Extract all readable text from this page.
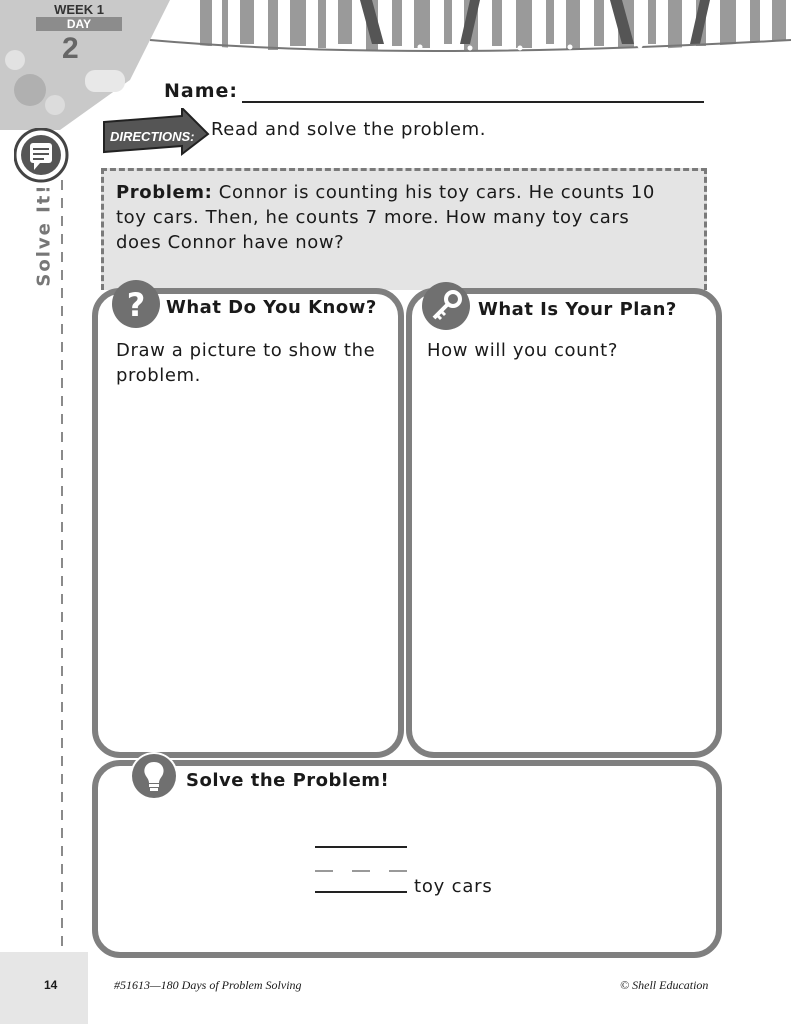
WEEK 1
DAY
2
Solve It!
Name:
DIRECTIONS: Read and solve the problem.
Problem: Connor is counting his toy cars. He counts 10 toy cars. Then, he counts 7 more. How many toy cars does Connor have now?
? What Do You Know?
Draw a picture to show the problem.
What Is Your Plan?
How will you count?
Solve the Problem!
toy cars
14	#51613—180 Days of Problem Solving	© Shell Education
